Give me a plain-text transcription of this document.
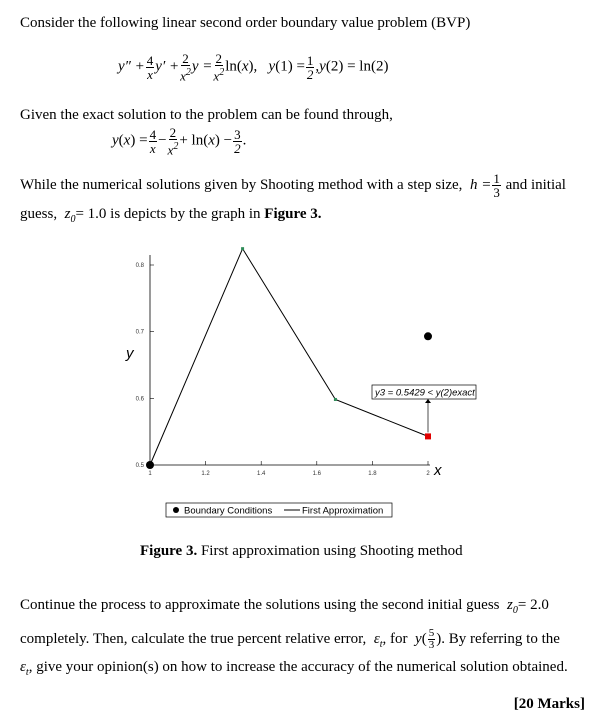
Consider the following linear second order boundary value problem (BVP)
$y'' + \frac{4}{x} y' + \frac{2}{x^2}$ $y = \frac{2}{x^2} \ln(x)$,   $y(1) = \frac{1}{2} ,y(2) = \ln(2)$
Given the exact solution to the problem can be found through,
$y(x) = \frac{4}{x} - \frac{2}{x^2} + \ln(x) - \frac{3}{2}$ .
While the numerical solutions given by Shooting method with a step size,  $h = \frac{1}{3}$ and initial
guess,  $z_0= 1.0$ is depicts by the graph in Figure 3.
1	1.2	1.4	1.6	1.8	2
0.5
0.6
0.7
0.8
y
x
y3 = 0.5429 < y(2)exact
Boundary Conditions	First Approximation
Figure 3. First approximation using Shooting method
Continue the process to approximate the solutions using the second initial guess  $z_0= 2.0$
completely. Then, calculate the true percent relative error,  $\varepsilon_t$, for  $y( \frac{5}{3}$ ). By referring to the
$\varepsilon_t$, give your opinion(s) on how to increase the accuracy of the numerical solution obtained.
[20 Marks]
